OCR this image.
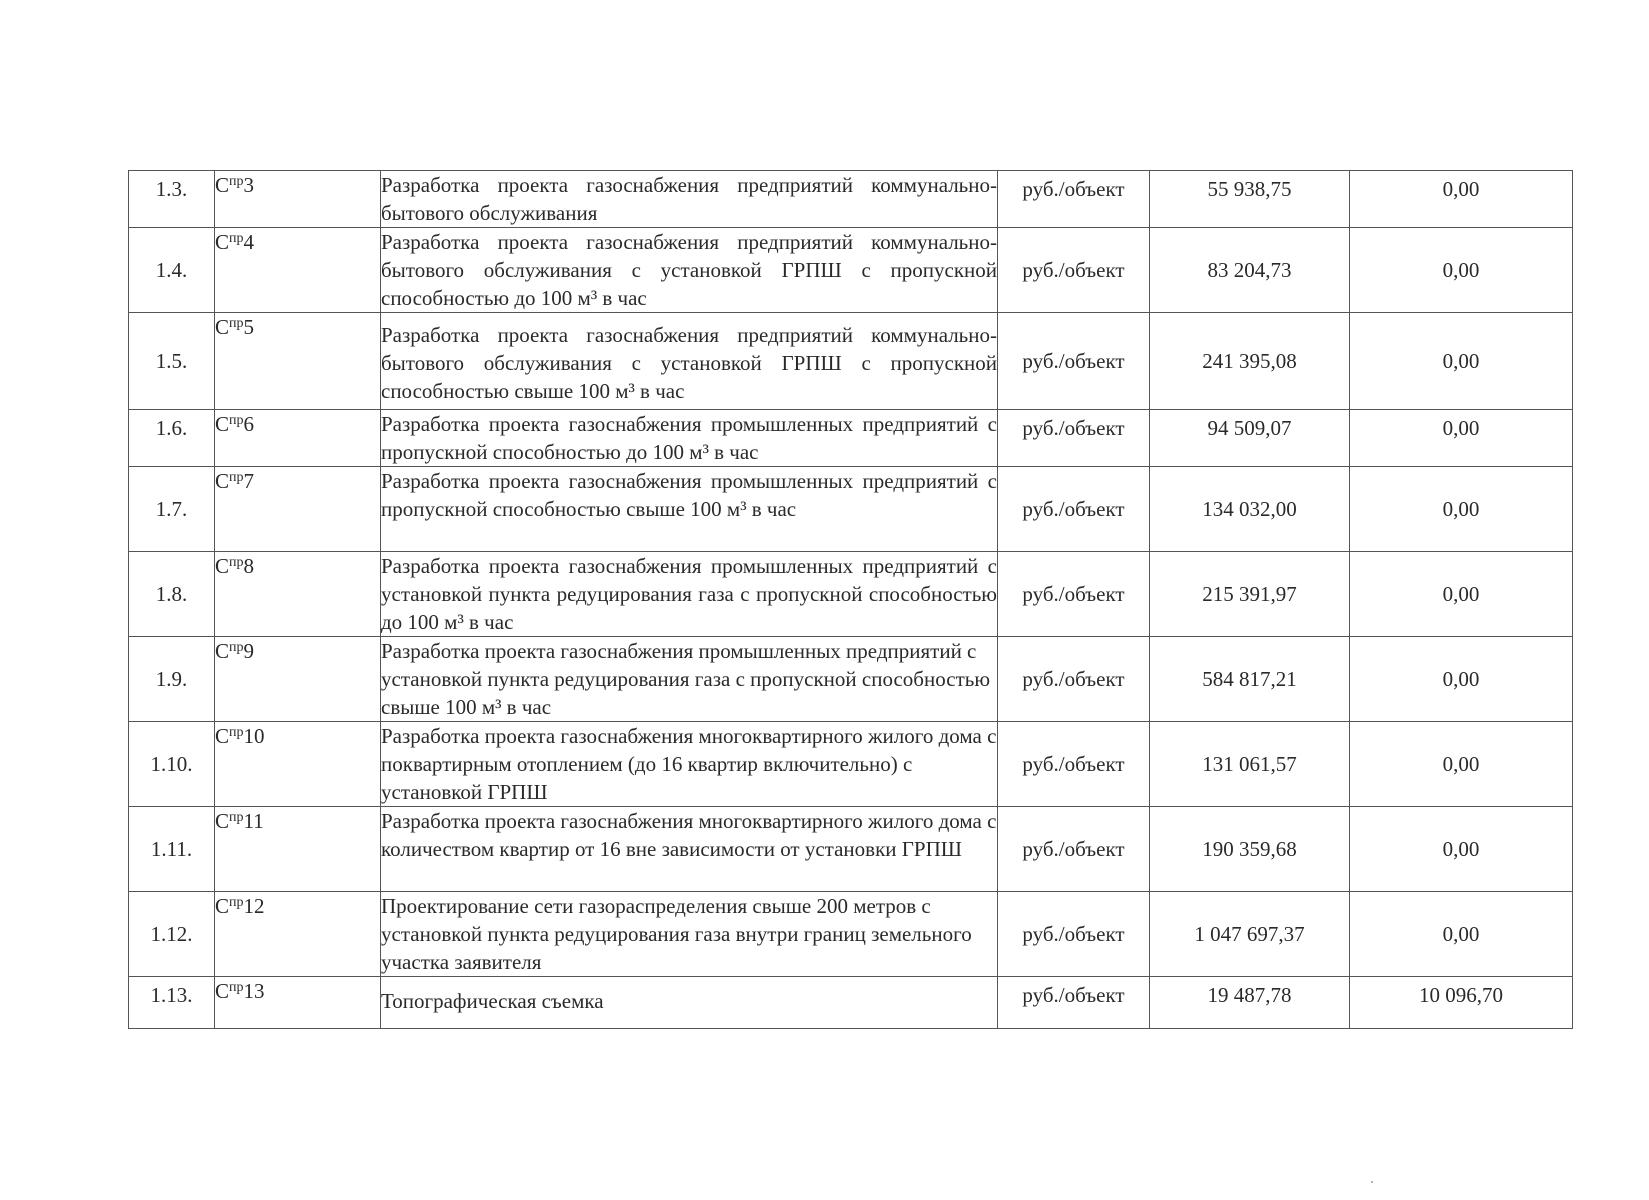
1.3.	$С^{пр}3$	Разработка проекта газоснабжения предприятий коммунально-бытового обслуживания	руб./объект	55 938,75	0,00
1.4.	$С^{пр}4$	Разработка проекта газоснабжения предприятий коммунально-бытового обслуживания с установкой ГРПШ с пропускной способностью до 100 м³ в час	руб./объект	83 204,73	0,00
1.5.	$С^{пр}5$	Разработка проекта газоснабжения предприятий коммунально-бытового обслуживания с установкой ГРПШ с пропускной способностью свыше 100 м³ в час	руб./объект	241 395,08	0,00
1.6.	$С^{пр}6$	Разработка проекта газоснабжения промышленных предприятий с пропускной способностью до 100 м³ в час	руб./объект	94 509,07	0,00
1.7.	$С^{пр}7$	Разработка проекта газоснабжения промышленных предприятий с пропускной способностью свыше 100 м³ в час	руб./объект	134 032,00	0,00
1.8.	$С^{пр}8$	Разработка проекта газоснабжения промышленных предприятий с установкой пункта редуцирования газа с пропускной способностью до 100 м³ в час	руб./объект	215 391,97	0,00
1.9.	$С^{пр}9$	Разработка проекта газоснабжения промышленных предприятий с установкой пункта редуцирования газа с пропускной способностью свыше 100 м³ в час	руб./объект	584 817,21	0,00
1.10.	$С^{пр}10$	Разработка проекта газоснабжения многоквартирного жилого дома с поквартирным отоплением (до 16 квартир включительно) с установкой ГРПШ	руб./объект	131 061,57	0,00
1.11.	$С^{пр}11$	Разработка проекта газоснабжения многоквартирного жилого дома с количеством квартир от 16 вне зависимости от установки ГРПШ	руб./объект	190 359,68	0,00
1.12.	$С^{пр}12$	Проектирование сети газораспределения свыше 200 метров с установкой пункта редуцирования газа внутри границ земельного участка заявителя	руб./объект	1 047 697,37	0,00
1.13.	$С^{пр}13$	Топографическая съемка	руб./объект	19 487,78	10 096,70
